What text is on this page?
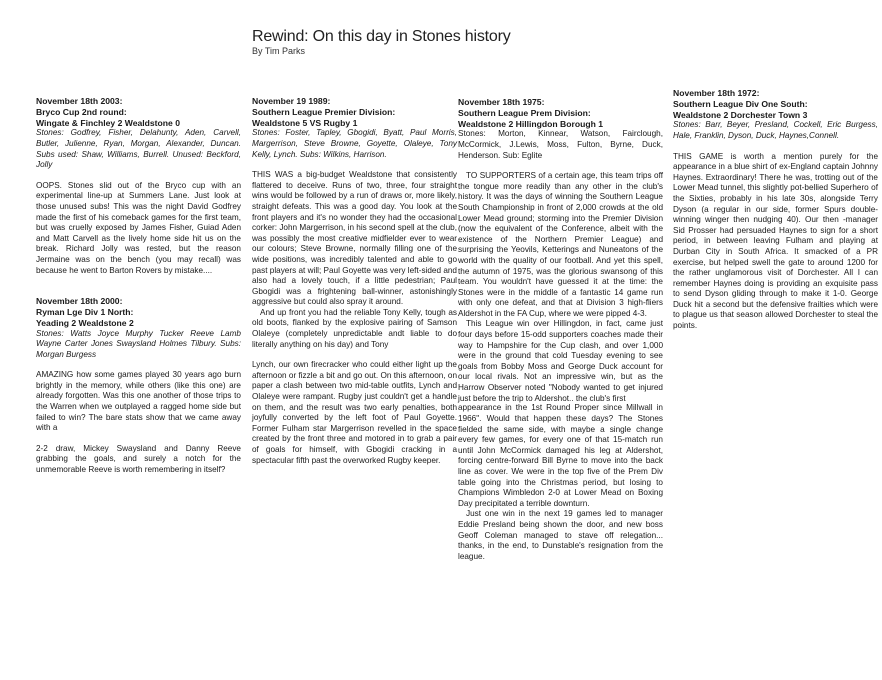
Rewind: On this day in Stones history
By Tim Parks
November 18th 2003:
Bryco Cup 2nd round:
Wingate & Finchley 2 Wealdstone 0

Stones: Godfrey, Fisher, Delahunty, Aden, Carvell, Butler, Julienne, Ryan, Morgan, Alexander, Duncan. Subs used: Shaw, Williams, Burrell. Unused: Beckford, Jolly

OOPS. Stones slid out of the Bryco cup with an experimental line-up at Summers Lane. Just look at those unused subs! This was the night David Godfrey made the first of his comeback games for the first team, but was cruelly exposed by James Fisher, Guiad Aden and Matt Carvell as the lively home side hit us on the break. Richard Jolly was rested, but the reason Jermaine was on the bench (you may recall) was because he went to Barton Rovers by mistake....

November 18th 2000:
Ryman Lge Div 1 North:
Yeading 2 Wealdstone 2

Stones: Watts Joyce Murphy Tucker Reeve Lamb Wayne Carter Jones Swaysland Holmes Tilbury. Subs: Morgan Burgess

AMAZING how some games played 30 years ago burn brightly in the memory, while others (like this one) are already forgotten. Was this one another of those trips to the Warren when we outplayed a ragged home side but failed to win? The bare stats show that we came away with a

2-2 draw, Mickey Swaysland and Danny Reeve grabbing the goals, and surely a notch for the unmemorable Reeve is worth remembering in itself?

November 19 1989:
Southern League Premier Division:
Wealdstone 5 VS Rugby 1

Stones: Foster, Tapley, Gbogidi, Byatt, Paul Morris, Margerrison, Steve Browne, Goyette, Olaleye, Tony Kelly, Lynch. Subs: Wilkins, Harrison.

THIS WAS a big-budget Wealdstone that consistently flattered to deceive. Runs of two, three, four straight wins would be followed by a run of draws or, more likely, straight defeats. This was a good day. You look at the front players and it's no wonder they had the occasional corker: John Margerrison, in his second spell at the club, was possibly the most creative midfielder ever to wear our colours; Steve Browne, normally filling one of the wide positions, was incredibly talented and able to go past players at will; Paul Goyette was very left-sided and also had a lovely touch, if a little pedestrian; Paul Gbogidi was a frightening ball-winner, astonishingly aggressive but could also spray it around.

And up front you had the reliable Tony Kelly, tough as old boots, flanked by the explosive pairing of Samson Olaleye (completely unpredictable andt liable to do literally anything on his day) and Tony

Lynch, our own firecracker who could either light up the afternoon or fizzle a bit and go out. On this afternoon, on paper a clash between two mid-table outfits, Lynch and Olaleye were rampant. Rugby just couldn't get a handle on them, and the result was two early penalties, both joyfully converted by the left foot of Paul Goyette. Former Fulham star Margerrison revelled in the space created by the front three and motored in to grab a pair of goals for himself, with Gbogidi cracking in a spectacular fifth past the overworked Rugby keeper.

November 18th 1975:
Southern League Prem Division:
Wealdstone 2 Hillingdon Borough 1

Stones: Morton, Kinnear, Watson, Fairclough, McCormick, J.Lewis, Moss, Fulton, Byrne, Duck, Henderson. Sub: Eglite

TO SUPPORTERS of a certain age, this team trips off the tongue more readily than any other in the club's history. It was the days of winning the Southern League South Championship in front of 2,000 crowds at the old Lower Mead ground; storming into the Premier Division (now the equivalent of the Conference, albeit with the existence of the Northern Premier League) and surprising the Yeovils, Ketterings and Nuneatons of the world with the quality of our football. And yet this spell, the autumn of 1975, was the glorious swansong of this team. You wouldn't have guessed it at the time: the Stones were in the middle of a fantastic 14 game run with only one defeat, and that at Division 3 high-fliers Aldershot in the FA Cup, where we were pipped 4-3.

This League win over Hillingdon, in fact, came just four days before 15-odd supporters coaches made their way to Hampshire for the Cup clash, and over 1,000 were in the ground that cold Tuesday evening to see goals from Bobby Moss and George Duck account for our local rivals. Not an impressive win, but as the Harrow Observer noted "Nobody wanted to get injured just before the trip to Aldershot.. the club's first

appearance in the 1st Round Proper since Millwall in 1966". Would that happen these days? The Stones fielded the same side, with maybe a single change every few games, for every one of that 15-match run until John McCormick damaged his leg at Aldershot, forcing centre-forward Bill Byrne to move into the back line as cover. We were in the top five of the Prem Div table going into the Christmas period, but losing to Champions Wimbledon 2-0 at Lower Mead on Boxing Day precipitated a terrible downturn.

Just one win in the next 19 games led to manager Eddie Presland being shown the door, and new boss Geoff Coleman managed to stave off relegation... thanks, in the end, to Dunstable's resignation from the league.

November 18th 1972:
Southern League Div One South:
Wealdstone 2 Dorchester Town 3

Stones: Barr, Beyer, Presland, Cockell, Eric Burgess, Hale, Franklin, Dyson, Duck, Haynes,Connell.

THIS GAME is worth a mention purely for the appearance in a blue shirt of ex-England captain Johnny Haynes. Extraordinary! There he was, trotting out of the Lower Mead tunnel, this slightly pot-bellied Superhero of the Sixties, probably in his late 30s, alongside Terry Dyson (a regular in our side, former Spurs double-winning winger then nudging 40). Our then -manager Sid Prosser had persuaded Haynes to sign for a short period, in between leaving Fulham and playing at Durban City in South Africa. It smacked of a PR exercise, but helped swell the gate to around 1200 for the rather unglamorous visit of Dorchester. All I can remember Haynes doing is providing an exquisite pass to send Dyson gliding through to make it 1-0. George Duck hit a second but the defensive frailties which were to plague us that season allowed Dorchester to steal the points.
